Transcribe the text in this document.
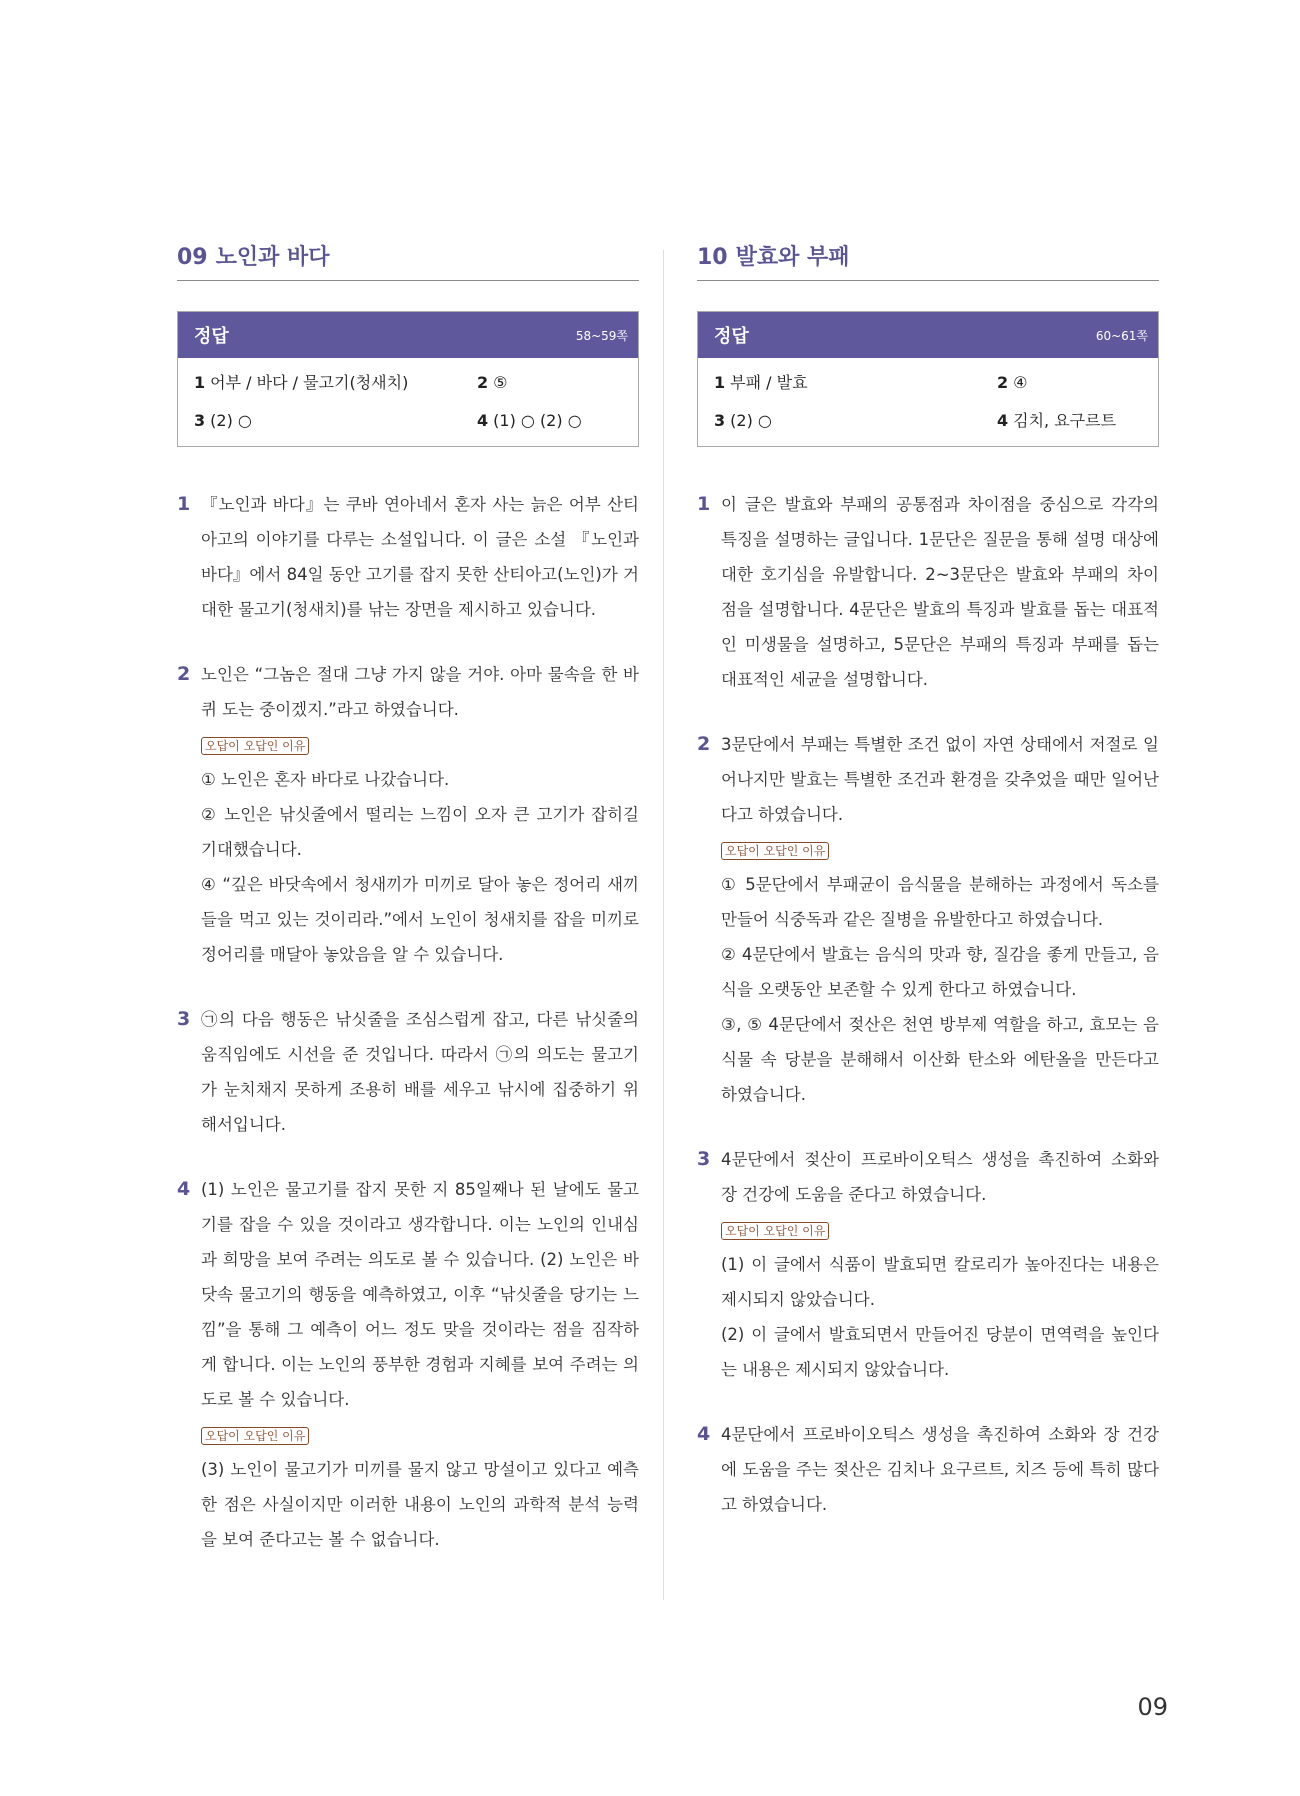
09 노인과 바다
정답	58~59쪽
1 어부 / 바다 / 물고기(청새치)	2 ⑤
3 (2) ○	4 (1) ○ (2) ○
1 『노인과 바다』는 쿠바 연아네서 혼자 사는 늙은 어부 산티아고의 이야기를 다루는 소설입니다. 이 글은 소설 『노인과 바다』에서 84일 동안 고기를 잡지 못한 산티아고(노인)가 거대한 물고기(청새치)를 낚는 장면을 제시하고 있습니다.

2 노인은 “그놈은 절대 그냥 가지 않을 거야. 아마 물속을 한 바퀴 도는 중이겠지.”라고 하였습니다.

오답이 오답인 이유

① 노인은 혼자 바다로 나갔습니다.

② 노인은 낚싯줄에서 떨리는 느낌이 오자 큰 고기가 잡히길 기대했습니다.

④ “깊은 바닷속에서 청새끼가 미끼로 달아 놓은 정어리 새끼들을 먹고 있는 것이리라.”에서 노인이 청새치를 잡을 미끼로 정어리를 매달아 놓았음을 알 수 있습니다.

3 ㉠의 다음 행동은 낚싯줄을 조심스럽게 잡고, 다른 낚싯줄의 움직임에도 시선을 준 것입니다. 따라서 ㉠의 의도는 물고기가 눈치채지 못하게 조용히 배를 세우고 낚시에 집중하기 위해서입니다.

4 (1) 노인은 물고기를 잡지 못한 지 85일째나 된 날에도 물고기를 잡을 수 있을 것이라고 생각합니다. 이는 노인의 인내심과 희망을 보여 주려는 의도로 볼 수 있습니다. (2) 노인은 바닷속 물고기의 행동을 예측하였고, 이후 “낚싯줄을 당기는 느낌”을 통해 그 예측이 어느 정도 맞을 것이라는 점을 짐작하게 합니다. 이는 노인의 풍부한 경험과 지혜를 보여 주려는 의도로 볼 수 있습니다.

오답이 오답인 이유

(3) 노인이 물고기가 미끼를 물지 않고 망설이고 있다고 예측한 점은 사실이지만 이러한 내용이 노인의 과학적 분석 능력을 보여 준다고는 볼 수 없습니다.

10 발효와 부패
정답	60~61쪽
1 부패 / 발효	2 ④
3 (2) ○	4 김치, 요구르트
1 이 글은 발효와 부패의 공통점과 차이점을 중심으로 각각의 특징을 설명하는 글입니다. 1문단은 질문을 통해 설명 대상에 대한 호기심을 유발합니다. 2~3문단은 발효와 부패의 차이점을 설명합니다. 4문단은 발효의 특징과 발효를 돕는 대표적인 미생물을 설명하고, 5문단은 부패의 특징과 부패를 돕는 대표적인 세균을 설명합니다.

2 3문단에서 부패는 특별한 조건 없이 자연 상태에서 저절로 일어나지만 발효는 특별한 조건과 환경을 갖추었을 때만 일어난다고 하였습니다.

오답이 오답인 이유

① 5문단에서 부패균이 음식물을 분해하는 과정에서 독소를 만들어 식중독과 같은 질병을 유발한다고 하였습니다.

② 4문단에서 발효는 음식의 맛과 향, 질감을 좋게 만들고, 음식을 오랫동안 보존할 수 있게 한다고 하였습니다.

③, ⑤ 4문단에서 젖산은 천연 방부제 역할을 하고, 효모는 음식물 속 당분을 분해해서 이산화 탄소와 에탄올을 만든다고 하였습니다.

3 4문단에서 젖산이 프로바이오틱스 생성을 촉진하여 소화와 장 건강에 도움을 준다고 하였습니다.

오답이 오답인 이유

(1) 이 글에서 식품이 발효되면 칼로리가 높아진다는 내용은 제시되지 않았습니다.

(2) 이 글에서 발효되면서 만들어진 당분이 면역력을 높인다는 내용은 제시되지 않았습니다.

4 4문단에서 프로바이오틱스 생성을 촉진하여 소화와 장 건강에 도움을 주는 젖산은 김치나 요구르트, 치즈 등에 특히 많다고 하였습니다.

09
